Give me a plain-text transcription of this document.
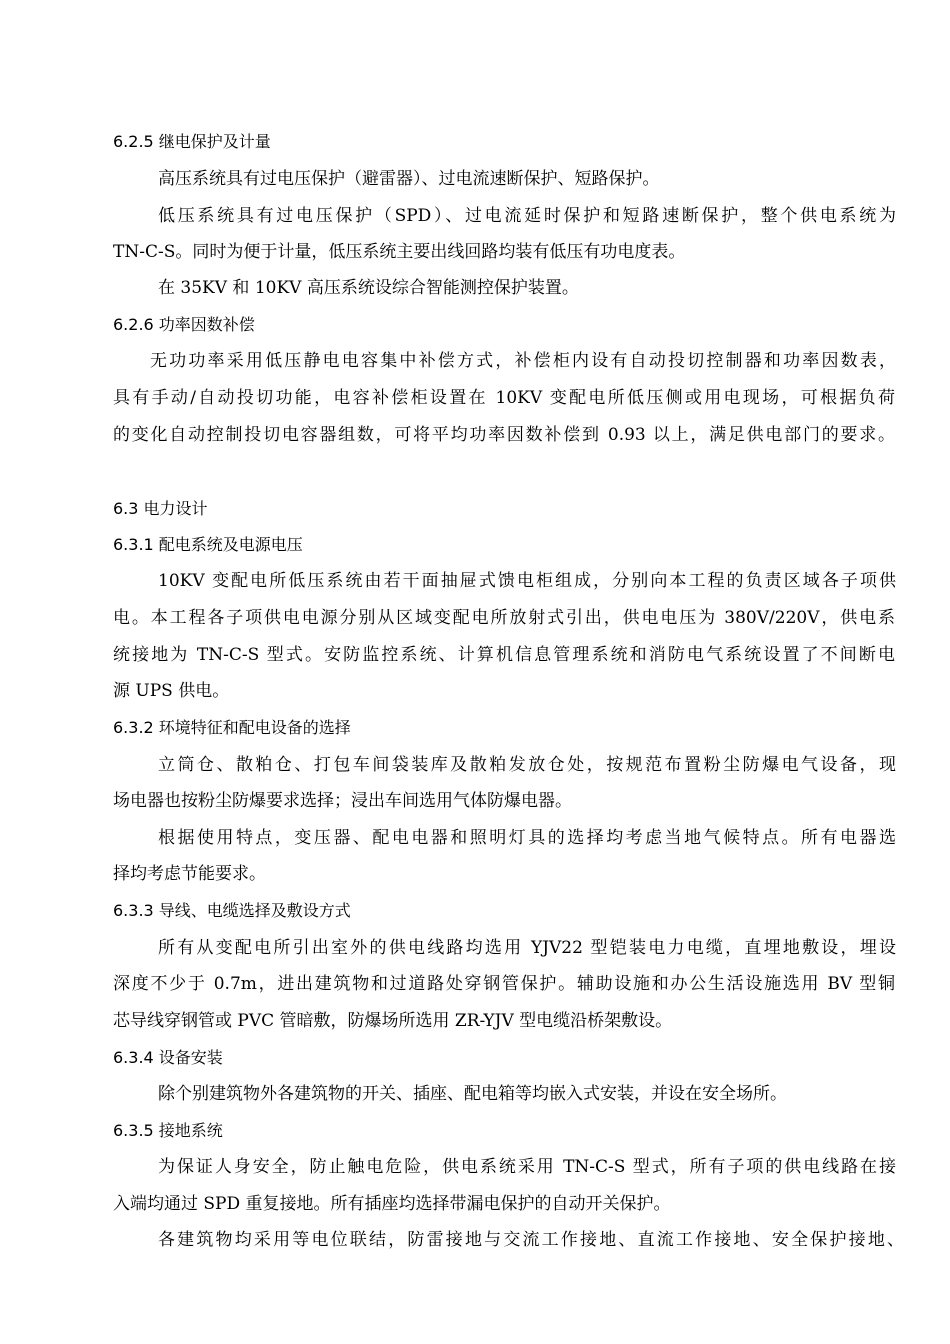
6.2.5 继电保护及计量
高压系统具有过电压保护（避雷器）、过电流速断保护、短路保护。
低压系统具有过电压保护（SPD）、过电流延时保护和短路速断保护，整个供电系统为
TN-C-S。同时为便于计量，低压系统主要出线回路均装有低压有功电度表。
在 35KV 和 10KV 高压系统设综合智能测控保护装置。
6.2.6 功率因数补偿
无功功率采用低压静电电容集中补偿方式，补偿柜内设有自动投切控制器和功率因数表，
具有手动/自动投切功能，电容补偿柜设置在 10KV 变配电所低压侧或用电现场，可根据负荷
的变化自动控制投切电容器组数，可将平均功率因数补偿到 0.93 以上，满足供电部门的要求。
6.3 电力设计
6.3.1 配电系统及电源电压
10KV 变配电所低压系统由若干面抽屉式馈电柜组成，分别向本工程的负责区域各子项供
电。本工程各子项供电电源分别从区域变配电所放射式引出，供电电压为 380V/220V，供电系
统接地为 TN-C-S 型式。安防监控系统、计算机信息管理系统和消防电气系统设置了不间断电
源 UPS 供电。
6.3.2 环境特征和配电设备的选择
立筒仓、散粕仓、打包车间袋装库及散粕发放仓处，按规范布置粉尘防爆电气设备，现
场电器也按粉尘防爆要求选择；浸出车间选用气体防爆电器。
根据使用特点，变压器、配电电器和照明灯具的选择均考虑当地气候特点。所有电器选
择均考虑节能要求。
6.3.3 导线、电缆选择及敷设方式
所有从变配电所引出室外的供电线路均选用 YJV22 型铠装电力电缆，直埋地敷设，埋设
深度不少于 0.7m，进出建筑物和过道路处穿钢管保护。辅助设施和办公生活设施选用 BV 型铜
芯导线穿钢管或 PVC 管暗敷，防爆场所选用 ZR-YJV 型电缆沿桥架敷设。
6.3.4 设备安装
除个别建筑物外各建筑物的开关、插座、配电箱等均嵌入式安装，并设在安全场所。
6.3.5 接地系统
为保证人身安全，防止触电危险，供电系统采用 TN-C-S 型式，所有子项的供电线路在接
入端均通过 SPD 重复接地。所有插座均选择带漏电保护的自动开关保护。
各建筑物均采用等电位联结，防雷接地与交流工作接地、直流工作接地、安全保护接地、
